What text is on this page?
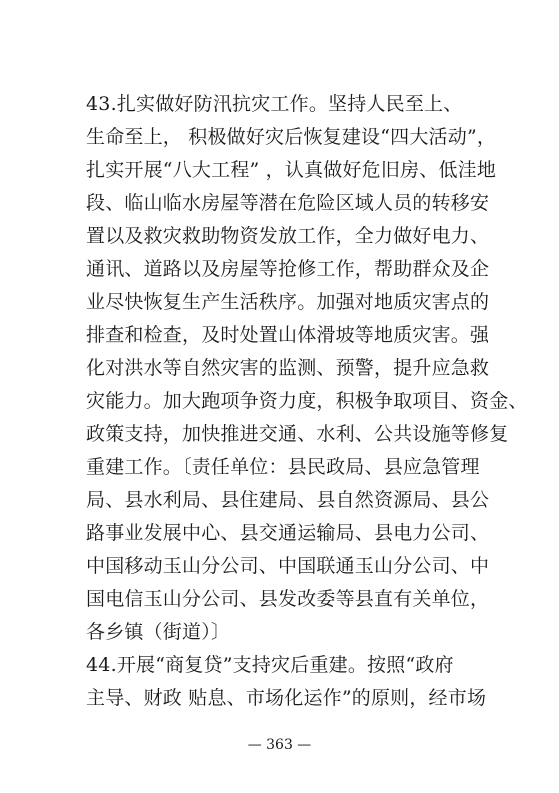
43.扎实做好防汛抗灾工作。坚持人民至上、
生命至上， 积极做好灾后恢复建设“四大活动”，
扎实开展“八大工程” ，认真做好危旧房、低洼地
段、临山临水房屋等潜在危险区域人员的转移安
置以及救灾救助物资发放工作，全力做好电力、
通讯、道路以及房屋等抢修工作，帮助群众及企
业尽快恢复生产生活秩序。加强对地质灾害点的
排查和检查，及时处置山体滑坡等地质灾害。强
化对洪水等自然灾害的监测、预警，提升应急救
灾能力。加大跑项争资力度，积极争取项目、资金、
政策支持，加快推进交通、水利、公共设施等修复
重建工作。〔责任单位：县民政局、县应急管理
局、县水利局、县住建局、县自然资源局、县公
路事业发展中心、县交通运输局、县电力公司、
中国移动玉山分公司、中国联通玉山分公司、中
国电信玉山分公司、县发改委等县直有关单位，
各乡镇（街道）〕
44.开展“商复贷”支持灾后重建。按照“政府
主导、财政 贴息、市场化运作”的原则，经市场
— 363 —
